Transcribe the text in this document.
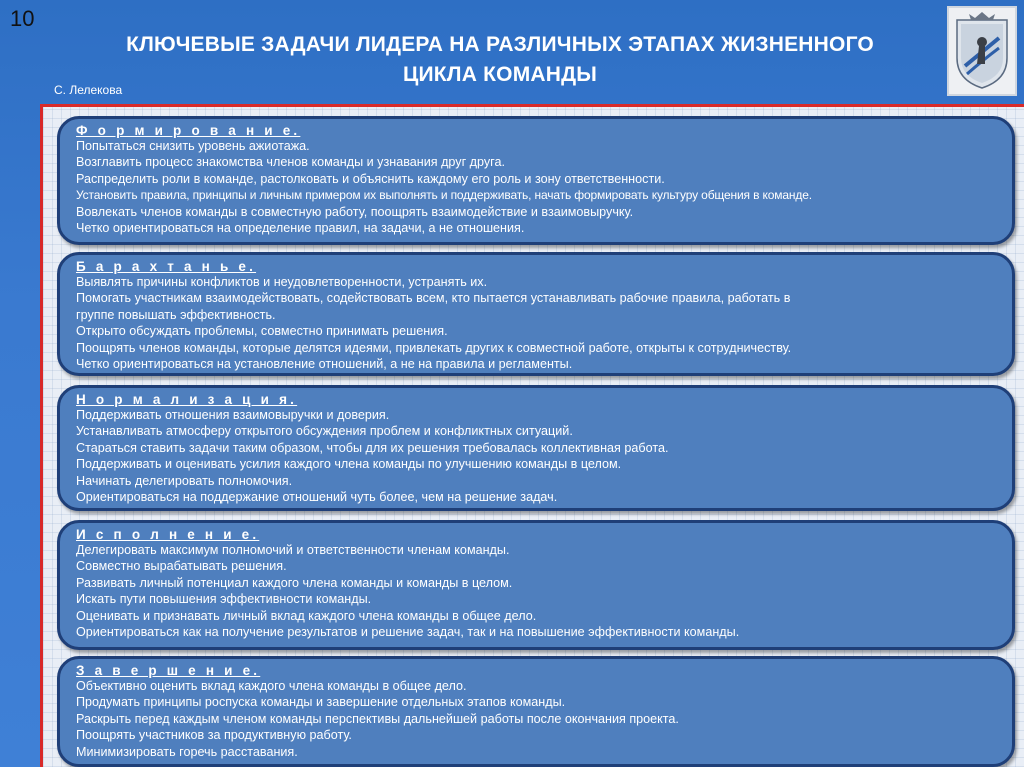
10
КЛЮЧЕВЫЕ ЗАДАЧИ ЛИДЕРА НА РАЗЛИЧНЫХ ЭТАПАХ ЖИЗНЕННОГО
ЦИКЛА КОМАНДЫ
С. Лелекова
Ф о р м и р о в а н и е.
Попытаться снизить уровень ажиотажа.
Возглавить процесс знакомства членов команды и узнавания друг друга.
Распределить роли в команде, растолковать и объяснить каждому его роль и зону ответственности.
Установить правила, принципы и личным примером их выполнять и поддерживать, начать формировать культуру общения в команде.
Вовлекать членов команды в совместную работу, поощрять взаимодействие и взаимовыручку.
Четко ориентироваться на определение правил, на задачи, а не отношения.
Б а р а х т а н ь е.
Выявлять причины конфликтов и неудовлетворенности, устранять их.
Помогать участникам взаимодействовать, содействовать всем, кто пытается устанавливать рабочие правила, работать в
группе повышать эффективность.
Открыто обсуждать проблемы, совместно принимать решения.
Поощрять членов команды, которые делятся идеями, привлекать других к совместной работе, открыты к сотрудничеству.
Четко ориентироваться на установление отношений, а не на правила и регламенты.
Н о р м а л и з а ц и я.
Поддерживать отношения взаимовыручки и доверия.
Устанавливать атмосферу открытого обсуждения проблем и конфликтных ситуаций.
Стараться ставить задачи таким образом, чтобы для их решения требовалась коллективная работа.
Поддерживать и оценивать усилия каждого члена команды по улучшению команды в целом.
Начинать делегировать полномочия.
Ориентироваться на поддержание отношений чуть более, чем на решение задач.
И с п о л н е н и е.
Делегировать максимум полномочий и ответственности членам команды.
Совместно вырабатывать решения.
Развивать личный потенциал каждого члена команды и команды в целом.
Искать пути повышения эффективности команды.
Оценивать и признавать личный вклад каждого члена команды в общее дело.
Ориентироваться как на получение результатов и решение задач, так и на повышение эффективности команды.
З а в е р ш е н и е.
Объективно оценить вклад каждого члена команды в общее дело.
Продумать принципы роспуска команды и завершение отдельных этапов команды.
Раскрыть перед каждым членом команды перспективы дальнейшей работы после окончания проекта.
Поощрять участников за продуктивную работу.
Минимизировать горечь расставания.
